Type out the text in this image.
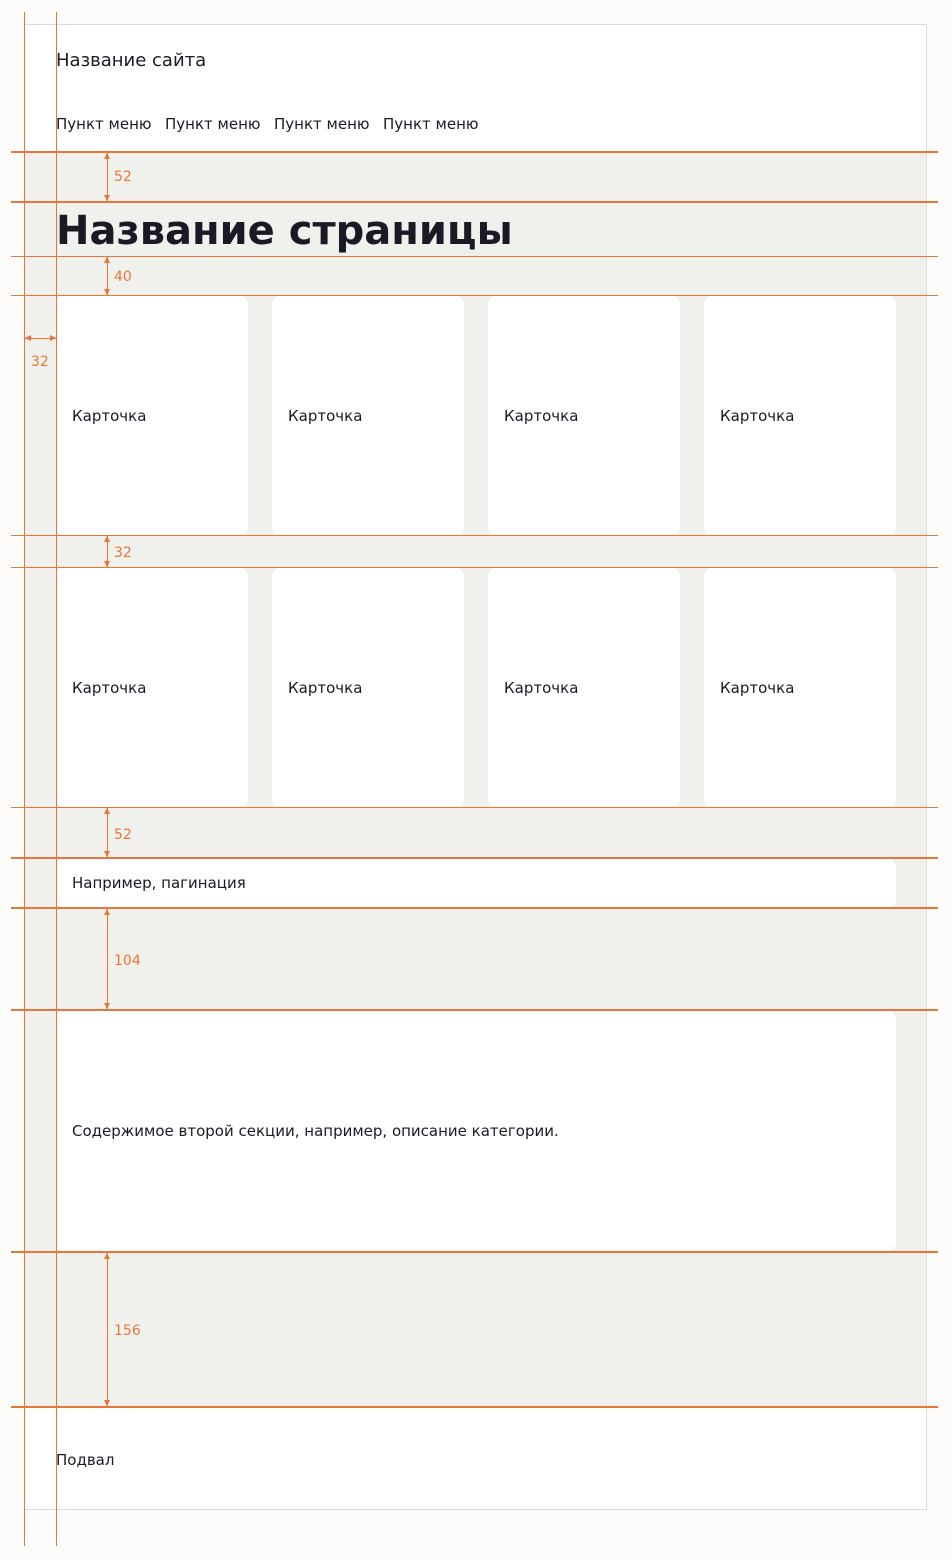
Название сайта
Пункт меню Пункт меню Пункт меню Пункт меню
Название страницы
Карточка	Карточка	Карточка	Карточка
Карточка	Карточка	Карточка	Карточка
Например, пагинация
Содержимое второй секции, например, описание категории.
Подвал
52
40
32
52
104
156
32
